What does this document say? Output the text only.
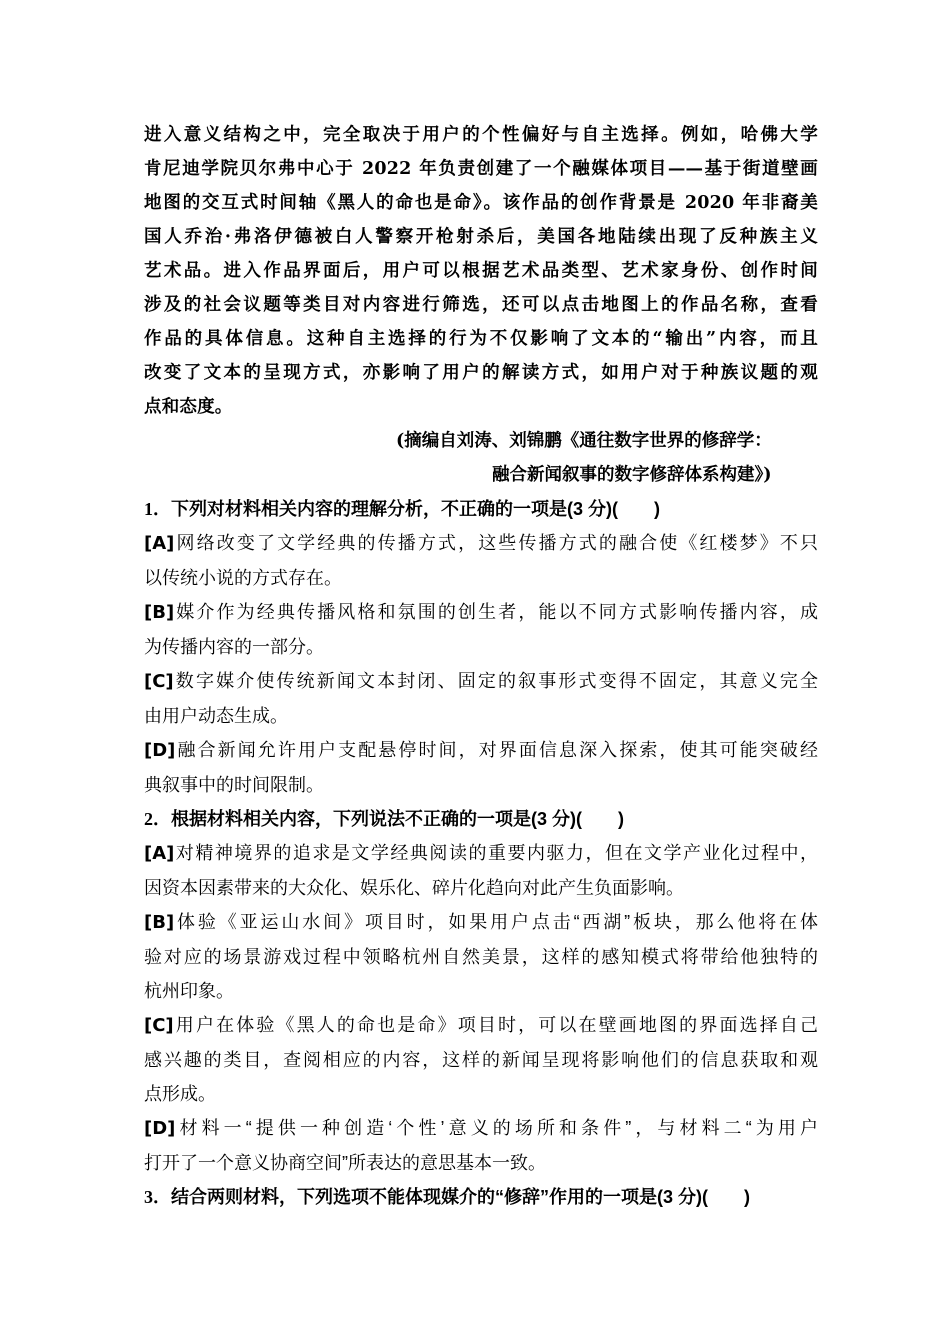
进入意义结构之中，完全取决于用户的个性偏好与自主选择。例如，哈佛大学
肯尼迪学院贝尔弗中心于 2022 年负责创建了一个融媒体项目——基于街道壁画
地图的交互式时间轴《黑人的命也是命》。该作品的创作背景是 2020 年非裔美
国人乔治·弗洛伊德被白人警察开枪射杀后，美国各地陆续出现了反种族主义
艺术品。进入作品界面后，用户可以根据艺术品类型、艺术家身份、创作时间
涉及的社会议题等类目对内容进行筛选，还可以点击地图上的作品名称，查看
作品的具体信息。这种自主选择的行为不仅影响了文本的“输出”内容，而且
改变了文本的呈现方式，亦影响了用户的解读方式，如用户对于种族议题的观
点和态度。

(摘编自刘涛、刘锦鹏《通往数字世界的修辞学：
融合新闻叙事的数字修辞体系构建》)
1．下列对材料相关内容的理解分析，不正确的一项是(3 分)(　　)
[A]网络改变了文学经典的传播方式，这些传播方式的融合使《红楼梦》不只
以传统小说的方式存在。
[B]媒介作为经典传播风格和氛围的创生者，能以不同方式影响传播内容，成
为传播内容的一部分。
[C]数字媒介使传统新闻文本封闭、固定的叙事形式变得不固定，其意义完全
由用户动态生成。
[D]融合新闻允许用户支配悬停时间，对界面信息深入探索，使其可能突破经
典叙事中的时间限制。
2．根据材料相关内容，下列说法不正确的一项是(3 分)(　　)
[A]对精神境界的追求是文学经典阅读的重要内驱力，但在文学产业化过程中，
因资本因素带来的大众化、娱乐化、碎片化趋向对此产生负面影响。
[B]体验《亚运山水间》项目时，如果用户点击“西湖”板块，那么他将在体
验对应的场景游戏过程中领略杭州自然美景，这样的感知模式将带给他独特的
杭州印象。
[C]用户在体验《黑人的命也是命》项目时，可以在壁画地图的界面选择自己
感兴趣的类目，查阅相应的内容，这样的新闻呈现将影响他们的信息获取和观
点形成。
[D]材料一“提供一种创造‘个性’意义的场所和条件”，与材料二“为用户
打开了一个意义协商空间”所表达的意思基本一致。
3．结合两则材料，下列选项不能体现媒介的“修辞”作用的一项是(3 分)(　　)
